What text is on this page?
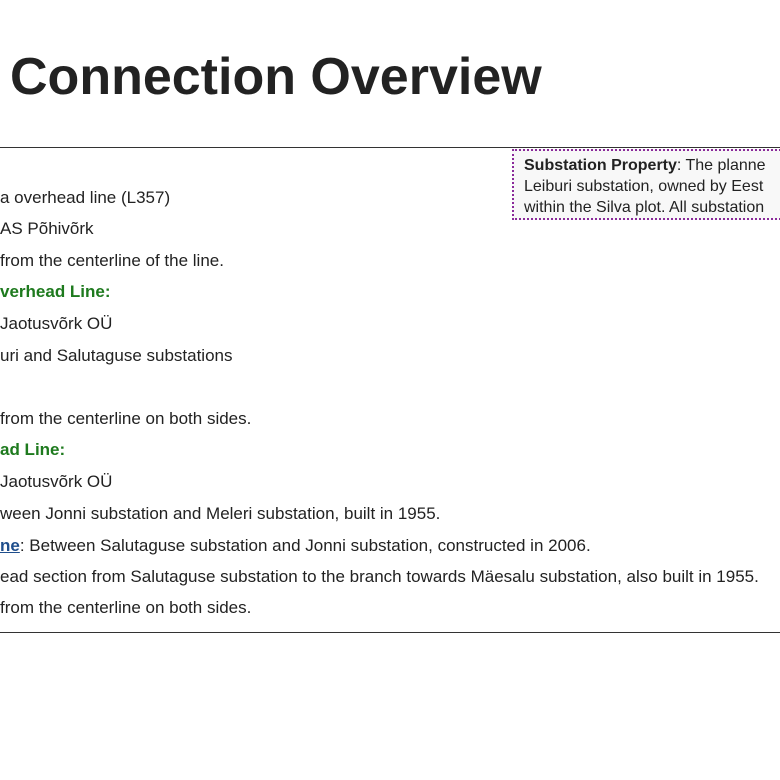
Connection Overview
Substation Property: The planne
Leiburi substation, owned by Eest
within the Silva plot. All substation
a overhead line (L357)
AS Põhivõrk
from the centerline of the line.
verhead Line:
Jaotusvõrk OÜ
uri and Salutaguse substations
from the centerline on both sides.
ad Line:
Jaotusvõrk OÜ
ween Jonni substation and Meleri substation, built in 1955.
ne: Between Salutaguse substation and Jonni substation, constructed in 2006.
ead section from Salutaguse substation to the branch towards Mäesalu substation, also built in 1955.
from the centerline on both sides.
